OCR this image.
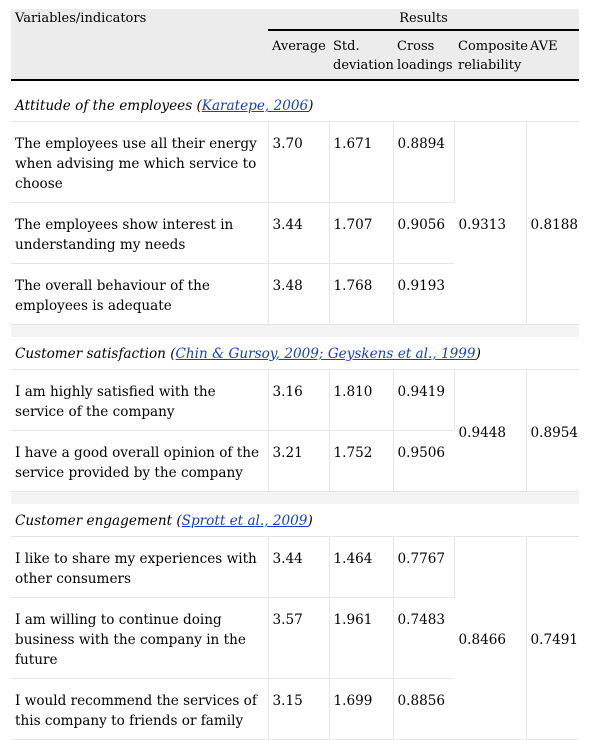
Variables/indicators	Results				
	Average	Std. deviation	Cross loadings	Composite reliability	AVE

Attitude of the employees (Karatepe, 2006)					
The employees use all their energy when advising me which service to choose	3.70	1.671	0.8894	0.9313	0.8188
The employees show interest in understanding my needs	3.44	1.707	0.9056		
The overall behaviour of the employees is adequate	3.48	1.768	0.9193		

Customer satisfaction (Chin & Gursoy, 2009; Geyskens et al., 1999)					
I am highly satisfied with the service of the company	3.16	1.810	0.9419	0.9448	0.8954
I have a good overall opinion of the service provided by the company	3.21	1.752	0.9506		

Customer engagement (Sprott et al., 2009)					
I like to share my experiences with other consumers	3.44	1.464	0.7767	0.8466	0.7491
I am willing to continue doing business with the company in the future	3.57	1.961	0.7483		
I would recommend the services of this company to friends or family	3.15	1.699	0.8856		
